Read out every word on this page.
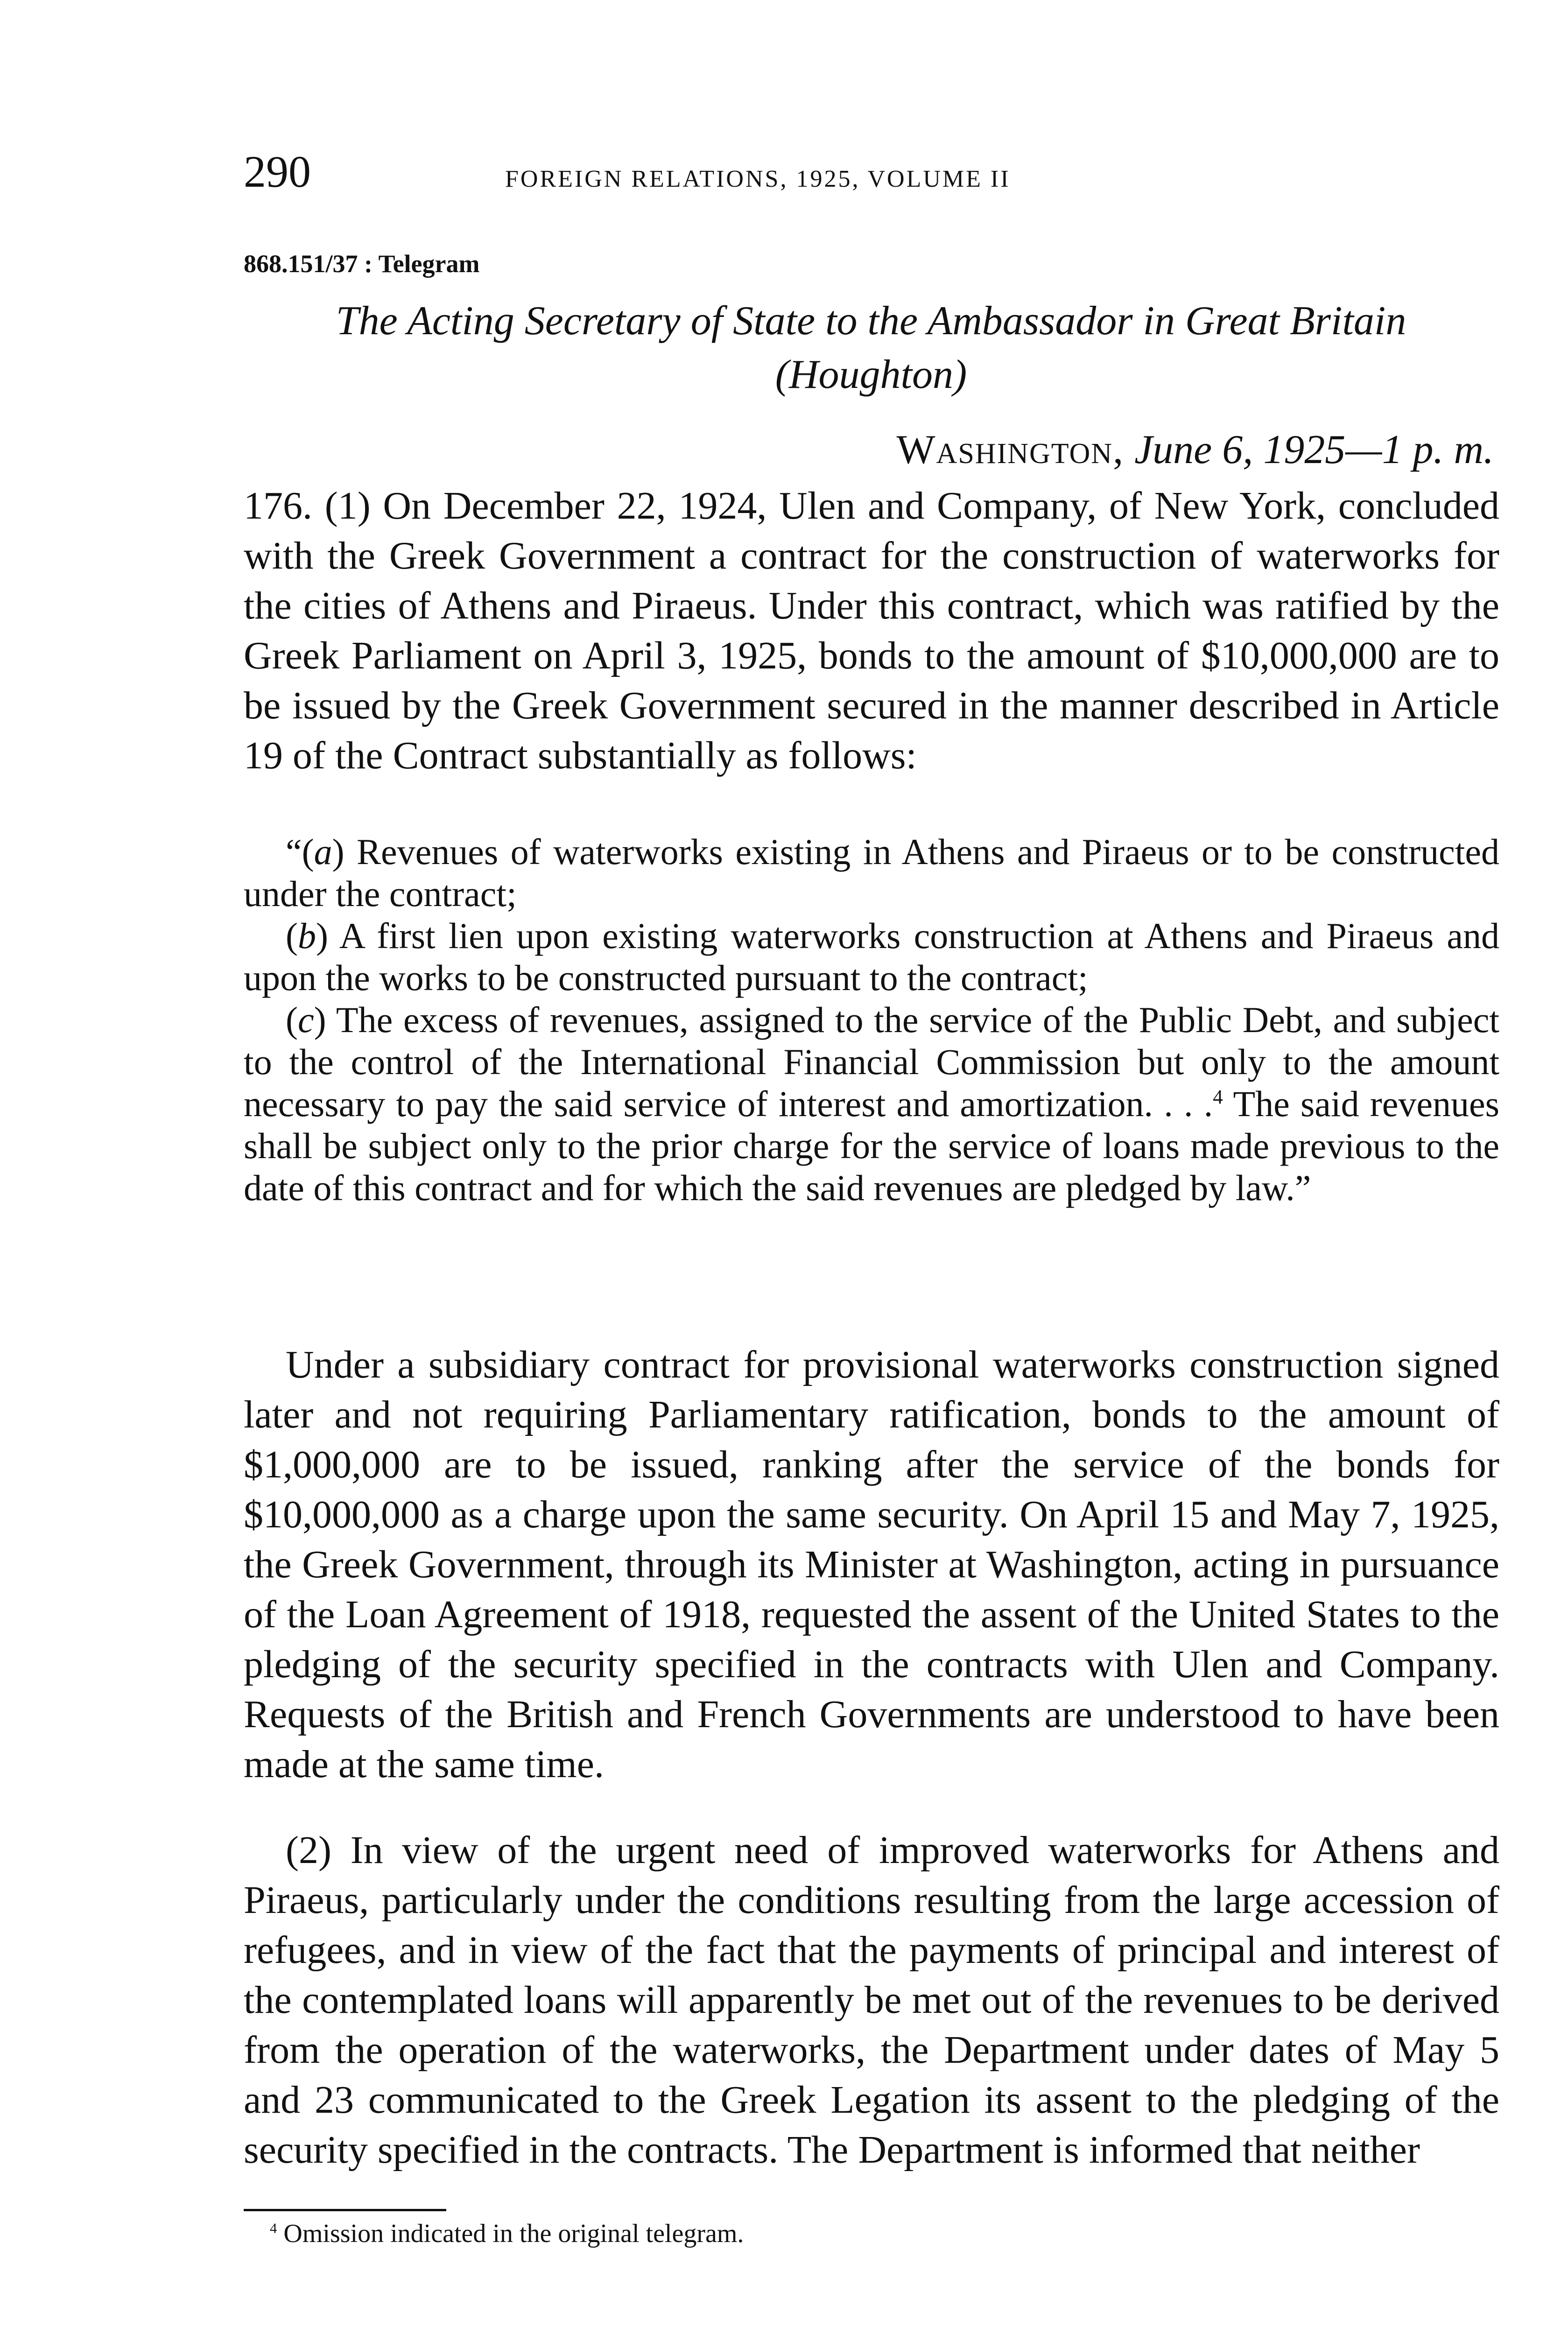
290	FOREIGN RELATIONS, 1925, VOLUME II
868.151/37 : Telegram
The Acting Secretary of State to the Ambassador in Great Britain
(Houghton)
Washington, June 6, 1925—1 p. m.

176. (1) On December 22, 1924, Ulen and Company, of New York, concluded with the Greek Government a contract for the construction of waterworks for the cities of Athens and Piraeus. Under this contract, which was ratified by the Greek Parliament on April 3, 1925, bonds to the amount of $10,000,000 are to be issued by the Greek Government secured in the manner described in Article 19 of the Contract substantially as follows:

“(a) Revenues of waterworks existing in Athens and Piraeus or to be constructed under the contract;

(b) A first lien upon existing waterworks construction at Athens and Piraeus and upon the works to be constructed pursuant to the contract;

(c) The excess of revenues, assigned to the service of the Public Debt, and subject to the control of the International Financial Commission but only to the amount necessary to pay the said service of interest and amortization. . . .$^4$ The said revenues shall be subject only to the prior charge for the service of loans made previous to the date of this contract and for which the said revenues are pledged by law.”

Under a subsidiary contract for provisional waterworks construction signed later and not requiring Parliamentary ratification, bonds to the amount of $1,000,000 are to be issued, ranking after the service of the bonds for $10,000,000 as a charge upon the same security. On April 15 and May 7, 1925, the Greek Government, through its Minister at Washington, acting in pursuance of the Loan Agreement of 1918, requested the assent of the United States to the pledging of the security specified in the contracts with Ulen and Company. Requests of the British and French Governments are understood to have been made at the same time.

(2) In view of the urgent need of improved waterworks for Athens and Piraeus, particularly under the conditions resulting from the large accession of refugees, and in view of the fact that the payments of principal and interest of the contemplated loans will apparently be met out of the revenues to be derived from the operation of the waterworks, the Department under dates of May 5 and 23 communicated to the Greek Legation its assent to the pledging of the security specified in the contracts. The Department is informed that neither

$^4$ Omission indicated in the original telegram.
